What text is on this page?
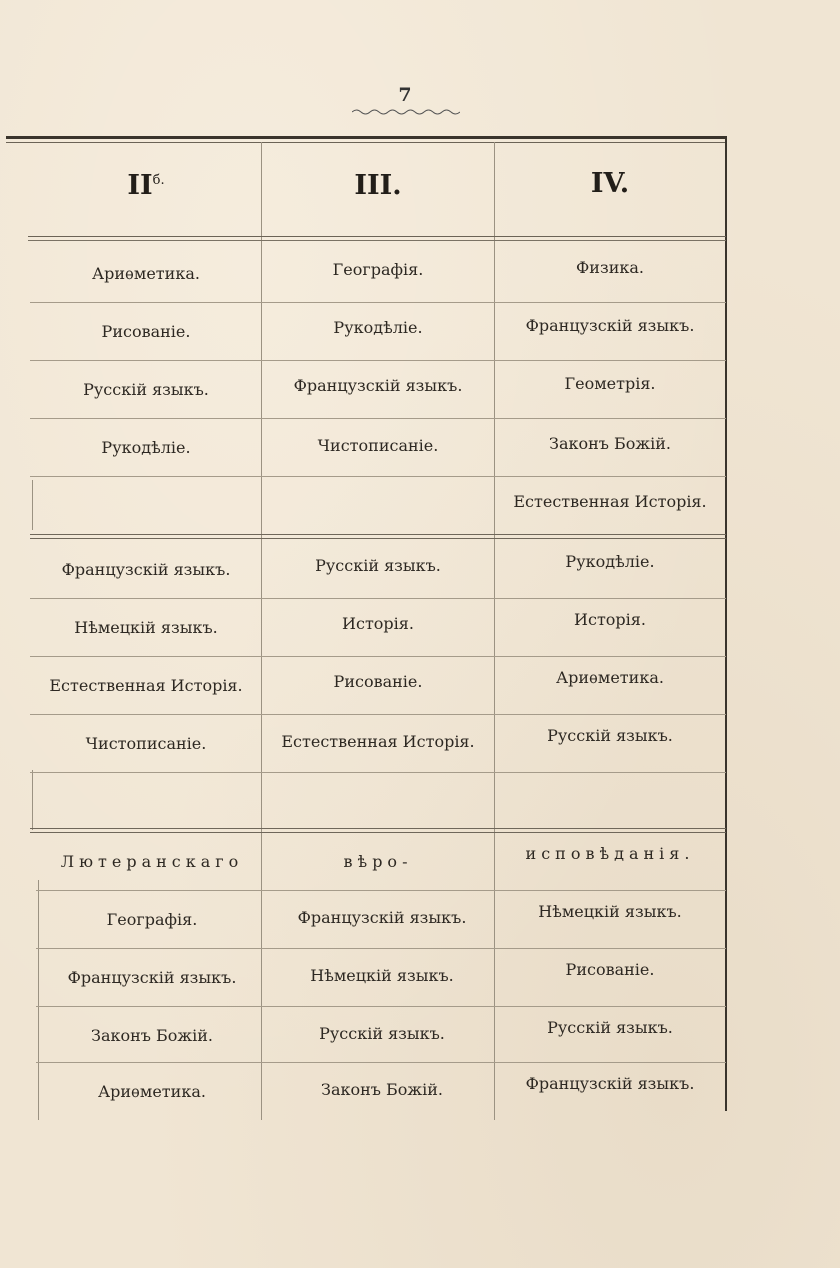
7
$II^{б.}$	III.	IV.
Ариѳметика.
Рисованіе.
Русскій языкъ.
Рукодѣліе.
Географія.
Рукодѣліе.
Французскій языкъ.
Чистописаніе.
Физика.
Французскій языкъ.
Геометрія.
Законъ Божій.
Естественная Исторія.
Французскій языкъ.
Нѣмецкій языкъ.
Естественная Исторія.
Чистописаніе.
Русскій языкъ.
Исторія.
Рисованіе.
Естественная Исторія.
Рукодѣліе.
Исторія.
Ариѳметика.
Русскій языкъ.
Лютеранскаго
Географія.
Французскій языкъ.
Законъ Божій.
Ариѳметика.
вѣро-
Французскій языкъ.
Нѣмецкій языкъ.
Русскій языкъ.
Законъ Божій.
исповѣданія.
Нѣмецкій языкъ.
Рисованіе.
Русскій языкъ.
Французскій языкъ.
